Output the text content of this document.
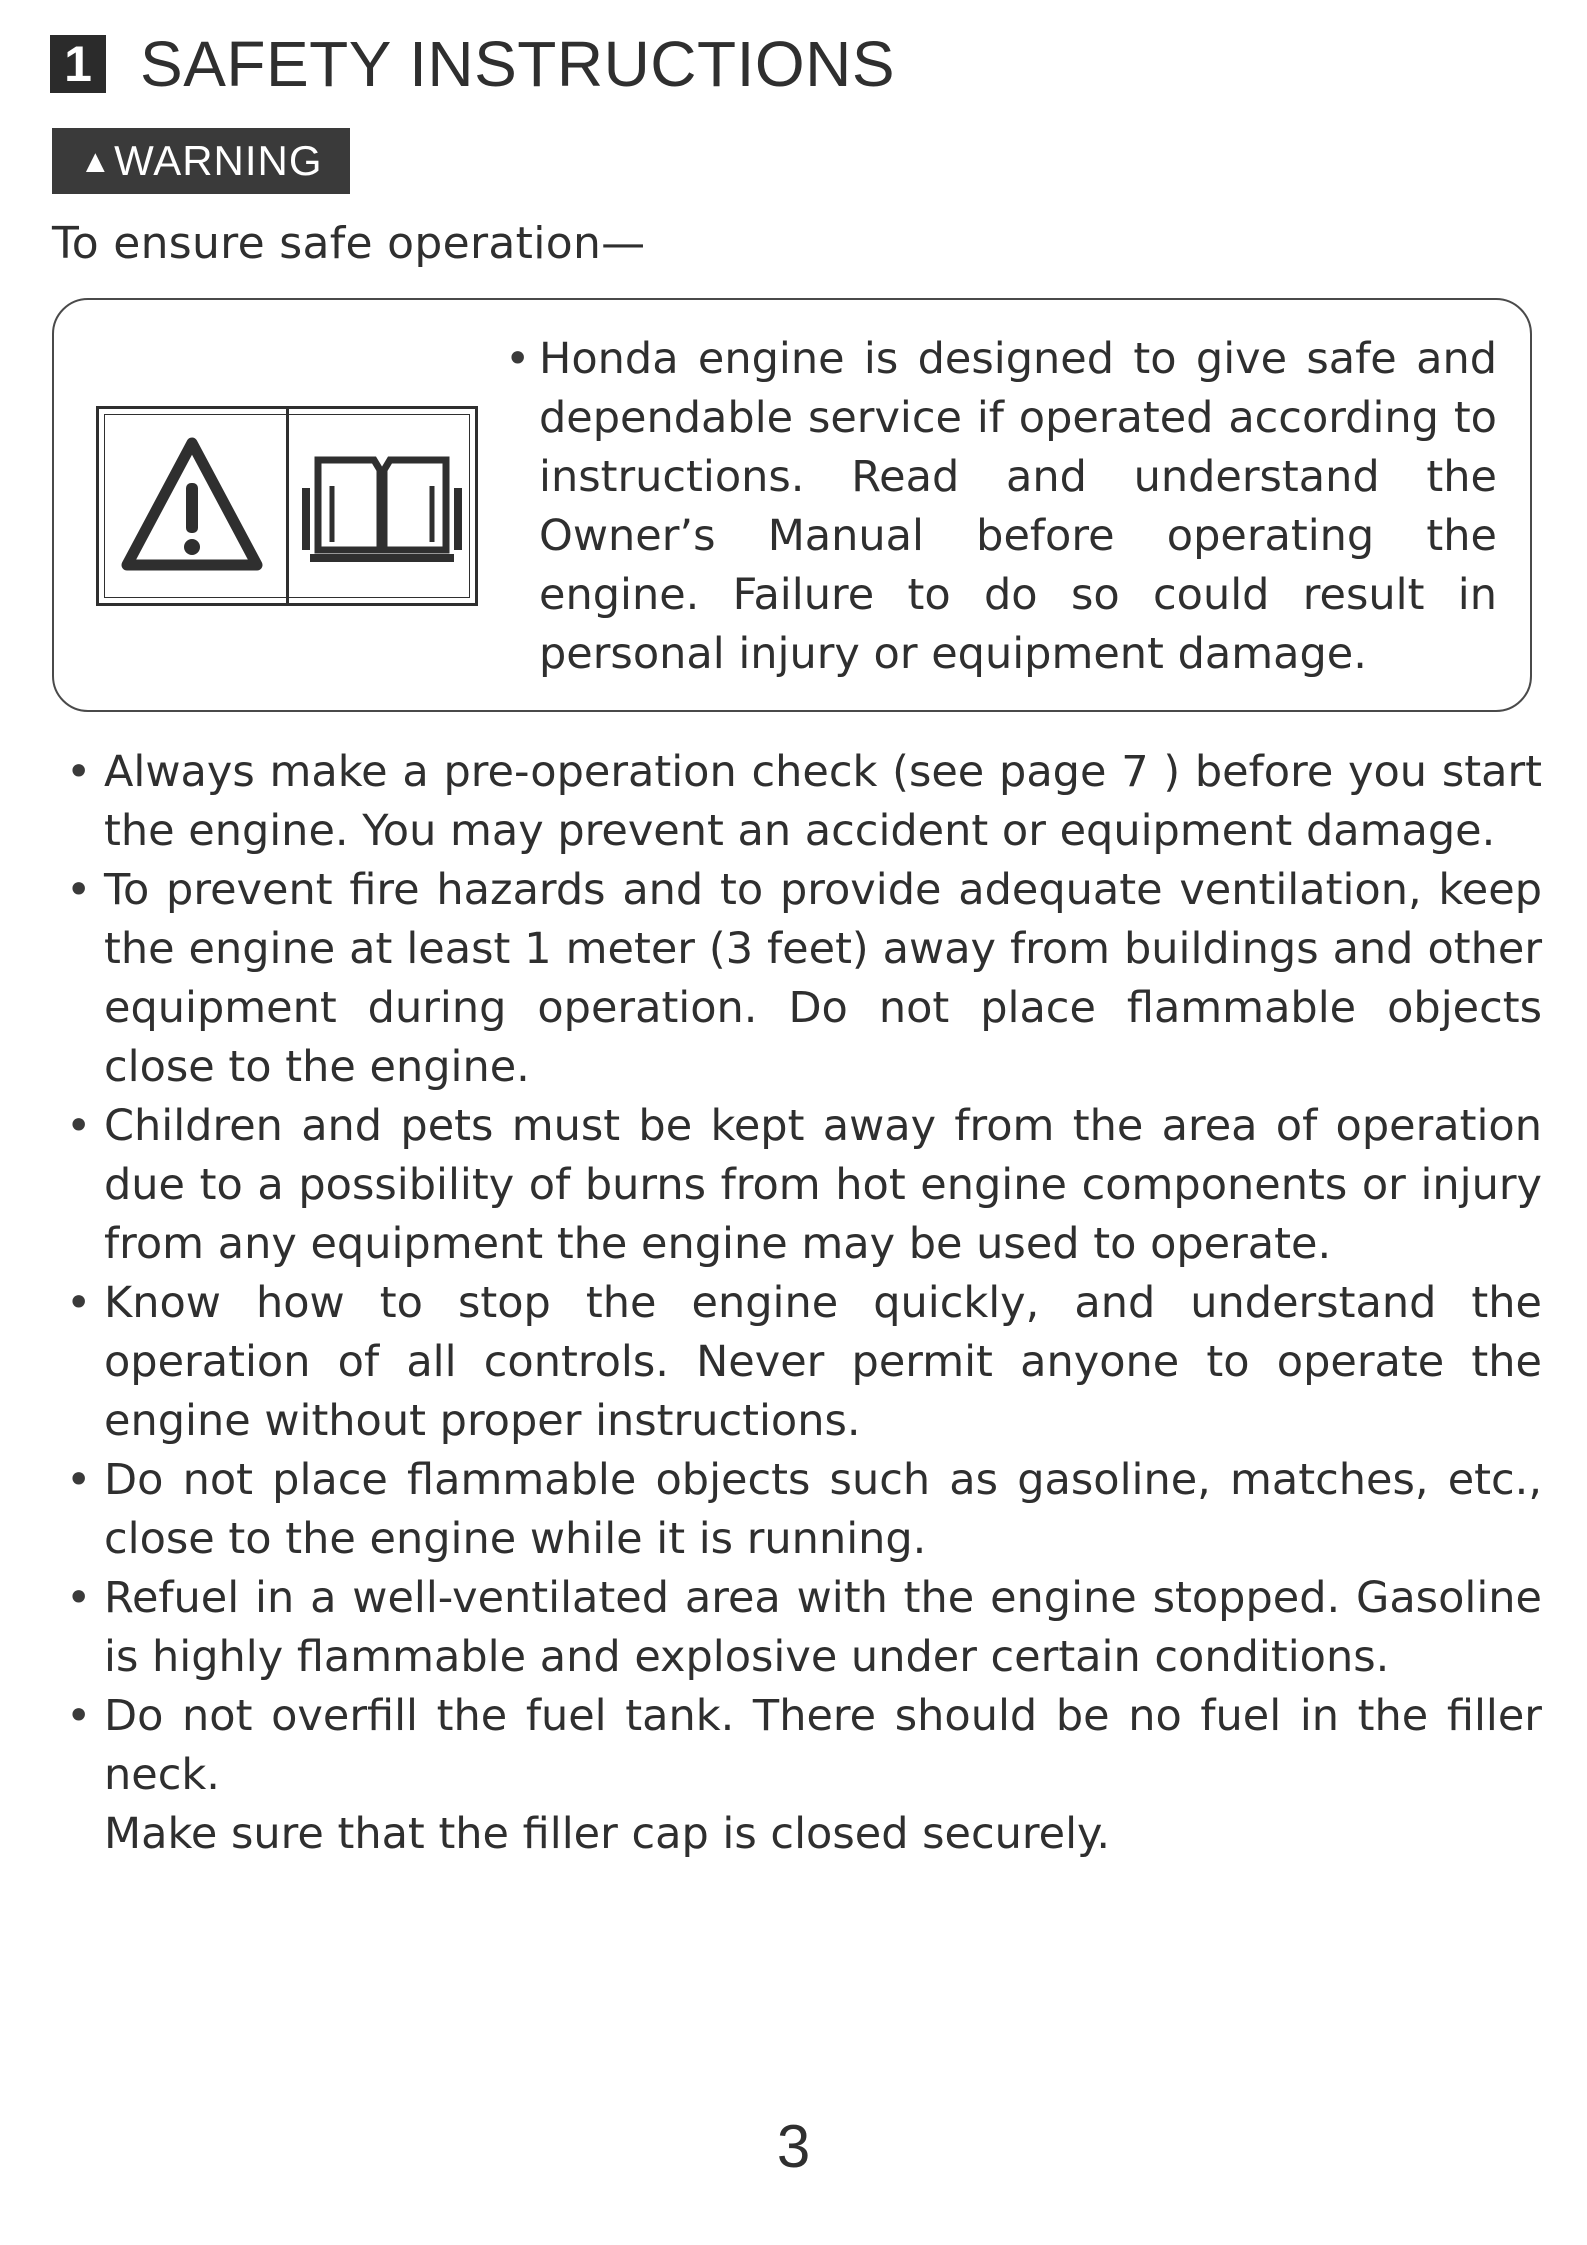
1 SAFETY INSTRUCTIONS
▲ WARNING
To ensure safe operation—
• Honda engine is designed to give safe and dependable service if operated according to instructions. Read and understand the Owner’s Manual before operating the engine. Failure to do so could result in personal injury or equipment damage.

• Always make a pre-operation check (see page 7 ) before you start the engine. You may prevent an accident or equipment damage.

• To prevent fire hazards and to provide adequate ventilation, keep the engine at least 1 meter (3 feet) away from buildings and other equipment during operation. Do not place flammable objects close to the engine.

• Children and pets must be kept away from the area of operation due to a possibility of burns from hot engine components or injury from any equipment the engine may be used to operate.

• Know how to stop the engine quickly, and understand the operation of all controls. Never permit anyone to operate the engine without proper instructions.

• Do not place flammable objects such as gasoline, matches, etc., close to the engine while it is running.

• Refuel in a well-ventilated area with the engine stopped. Gasoline is highly flammable and explosive under certain conditions.

• Do not overfill the fuel tank. There should be no fuel in the filler neck.

Make sure that the filler cap is closed securely.

3
